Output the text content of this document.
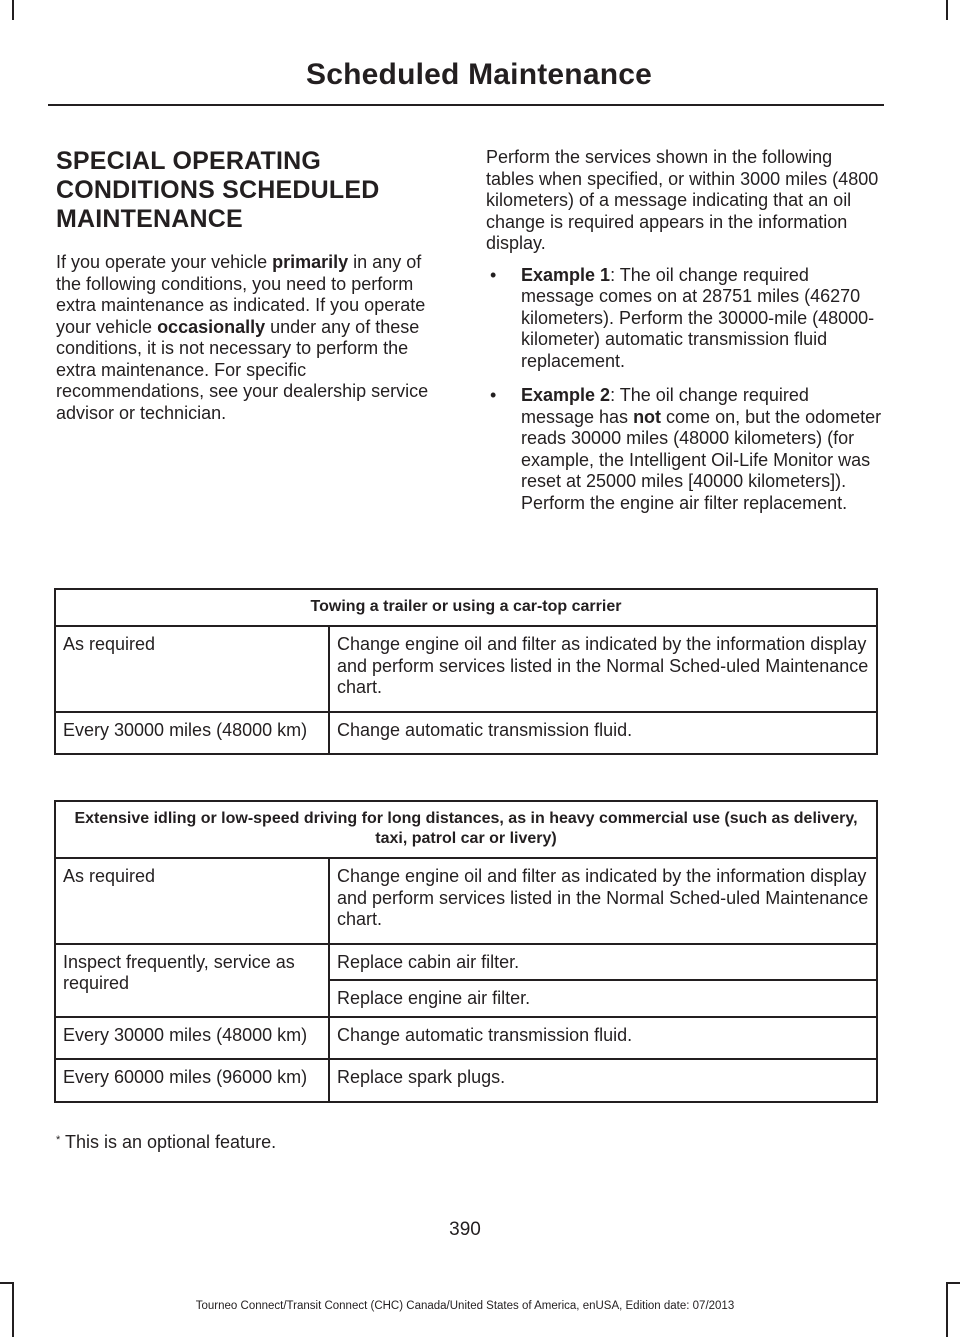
Scheduled Maintenance
SPECIAL OPERATING
CONDITIONS SCHEDULED
MAINTENANCE

If you operate your vehicle primarily in any of the following conditions, you need to perform extra maintenance as indicated. If you operate your vehicle occasionally under any of these conditions, it is not necessary to perform the extra maintenance. For specific recommendations, see your dealership service advisor or technician.

Perform the services shown in the following tables when specified, or within 3000 miles (4800 kilometers) of a message indicating that an oil change is required appears in the information display.

• Example 1: The oil change required message comes on at 28751 miles (46270 kilometers). Perform the 30000-mile (48000-kilometer) automatic transmission fluid replacement.
• Example 2: The oil change required message has not come on, but the odometer reads 30000 miles (48000 kilometers) (for example, the Intelligent Oil-Life Monitor was reset at 25000 miles [40000 kilometers]). Perform the engine air filter replacement.
Towing a trailer or using a car-top carrier	
As required	Change engine oil and filter as indicated by the information display and perform services listed in the Normal Sched-uled Maintenance chart.
Every 30000 miles (48000 km)	Change automatic transmission fluid.
Extensive idling or low-speed driving for long distances, as in heavy commercial use (such as delivery, taxi, patrol car or livery)	
As required	Change engine oil and filter as indicated by the information display and perform services listed in the Normal Sched-uled Maintenance chart.
Inspect frequently, service as required	Replace cabin air filter.
	Replace engine air filter.
Every 30000 miles (48000 km)	Change automatic transmission fluid.
Every 60000 miles (96000 km)	Replace spark plugs.
* This is an optional feature.
390
Tourneo Connect/Transit Connect (CHC) Canada/United States of America, enUSA, Edition date: 07/2013
